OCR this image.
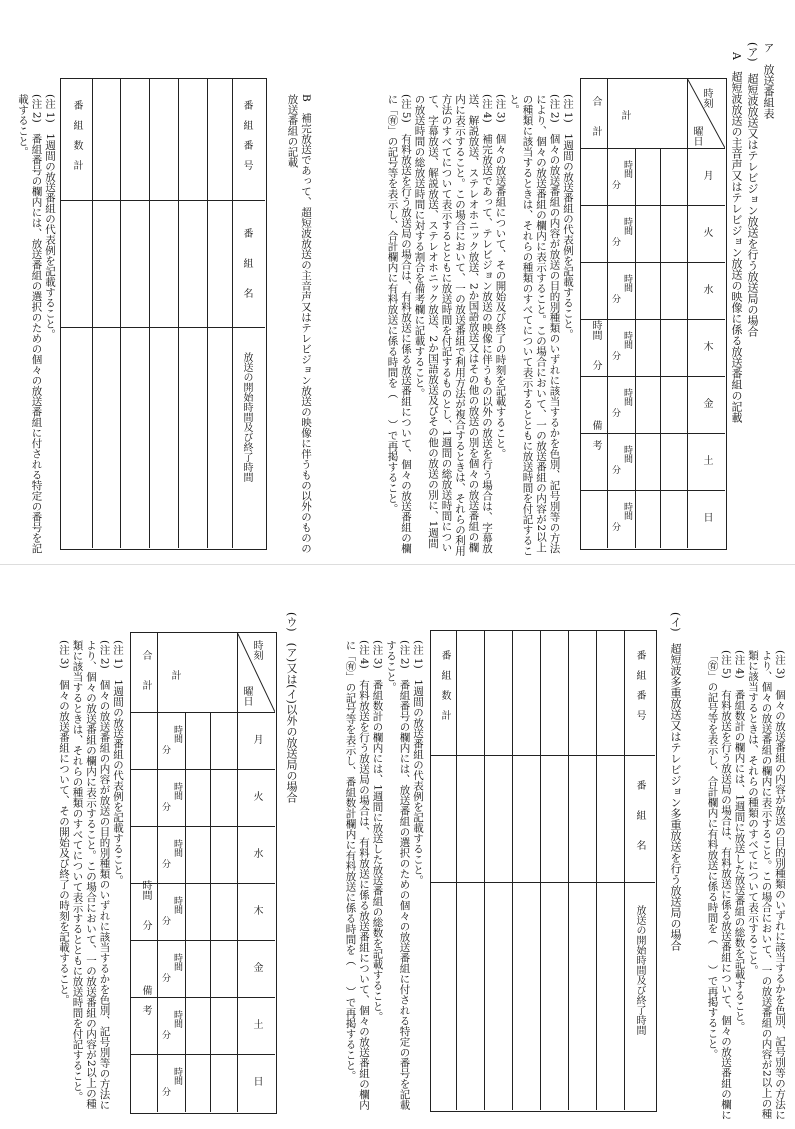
ア　放送番組表
(ア)　超短波放送又はテレビジョン放送を行う放送局の場合
A　超短波放送の主音声又はテレビジョン放送の映像に係る放送番組の記載
時刻
曜日
月
火
水
木
金
土
日
時間
分
時間
分
時間
分
時間
分
時間
分
時間
分
時間
分
計
合　　計
時間　　分
備　考
(注 1)　1週間の放送番組の代表例を記載すること。
(注 2)　個々の放送番組の内容が放送の目的別種類のいずれに該当するかを色別、記号別等の方法により、個々の放送番組の欄内に表示すること。この場合において、一の放送番組の内容が2以上の種類に該当するときは、それらの種類のすべてについて表示するとともに放送時間を付記すること。
(注 3)　個々の放送番組について、その開始及び終了の時刻を記載すること。
(注 4)　補完放送であって、テレビジョン放送の映像に伴うもの以外の放送を行う場合は、字幕放送、解説放送、ステレオホニック放送、2か国語放送又はその他の放送の別を個々の放送番組の欄内に表示すること。この場合において、一の放送番組で利用方法が複合するときは、それらの利用方法のすべてについて表示するとともに放送時間を付記するものとし、1週間の総放送時間について、字幕放送、解説放送、ステレオホニック放送、2か国語放送及びその他の放送の別に、1週間の放送時間の総放送時間に対する割合を備考欄に記載すること。
(注 5)　有料放送を行う放送局の場合は、有料放送に係る放送番組について、個々の放送番組の欄に「㊒」の記号等を表示し、合計欄内に有料放送に係る時間を（　　）で再掲すること。
B　補完放送であって、超短波放送の主音声又はテレビジョン放送の映像に伴うもの以外のものの放送番組の記載
番　組　番　号
番　　組　　名
放送の開始時間及び終了時間
番　組　数　計
(注 1)　1週間の放送番組の代表例を記載すること。
(注 2)　番組番号の欄内には、放送番組の選択のための個々の放送番組に付される特定の番号を記載すること。
(注 3)　個々の放送番組の内容が放送の目的別種類のいずれに該当するかを色別、記号別等の方法により、個々の放送番組の欄内に表示すること。この場合において、一の放送番組の内容が2以上の種類に該当するときは、それらの種類のすべてについて表示すること。
(注 4)　番組数計の欄内には、1週間に放送した放送番組の総数を記載すること。
(注 5)　有料放送を行う放送局の場合は、有料放送に係る放送番組について、個々の放送番組の欄に「㊒」の記号等を表示し、合計欄内に有料放送に係る時間を（　　）で再掲すること。
(イ)　超短波多重放送又はテレビジョン多重放送を行う放送局の場合
番　組　番　号
番　　組　　名
放送の開始時間及び終了時間
番　組　数　計
(注 1)　1週間の放送番組の代表例を記載すること。
(注 2)　番組番号の欄内には、放送番組の選択のための個々の放送番組に付される特定の番号を記載すること。
(注 3)　番組数計の欄内には、1週間に放送した放送番組の総数を記載すること。
(注 4)　有料放送を行う放送局の場合は、有料放送に係る放送番組について、個々の放送番組の欄内に「㊒」の記号等を表示し、番組数計欄内に有料放送に係る時間を（　　）で再掲すること。
(ウ)　(ア)又は(イ)以外の放送局の場合
時刻
曜日
月
火
水
木
金
土
日
時間
分
時間
分
時間
分
時間
分
時間
分
時間
分
時間
分
計
合　　計
時間　　分
備　考
(注 1)　1週間の放送番組の代表例を記載すること。
(注 2)　個々の放送番組の内容が放送の目的別種類のいずれに該当するかを色別、記号別等の方法により、個々の放送番組の欄内に表示すること。この場合において、一の放送番組の内容が2以上の種類に該当するときは、それらの種類のすべてについて表示するとともに放送時間を付記すること。
(注 3)　個々の放送番組について、その開始及び終了の時刻を記載すること。
